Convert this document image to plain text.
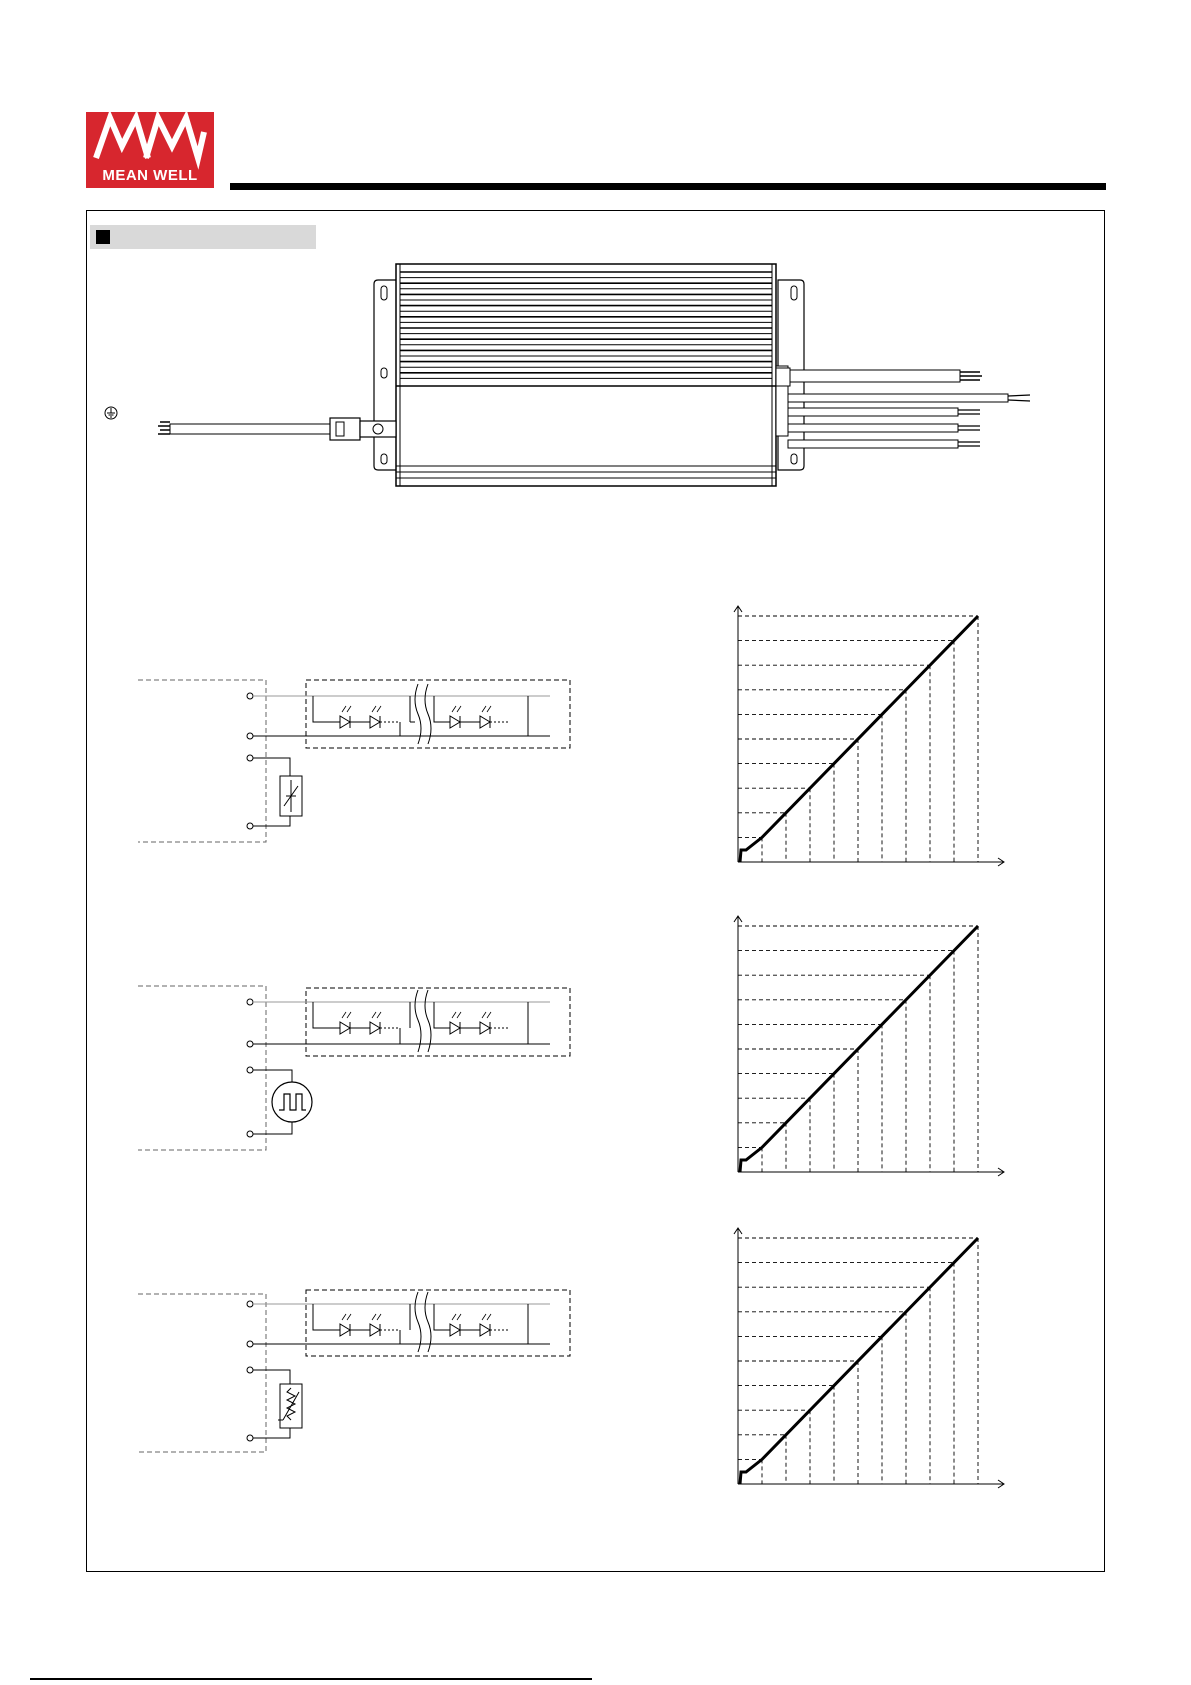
MEAN WELL
